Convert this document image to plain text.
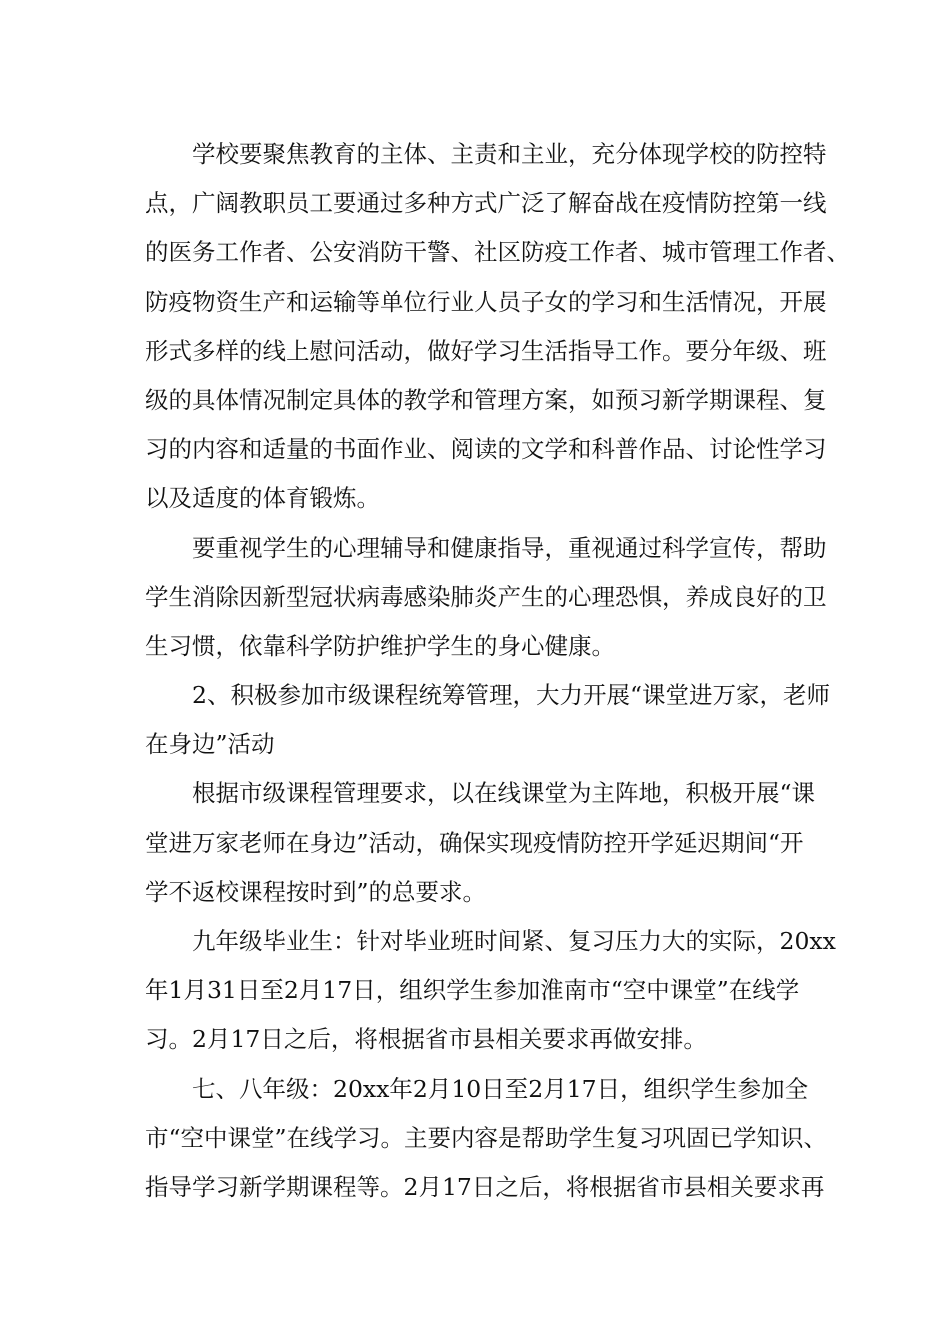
学校要聚焦教育的主体、主责和主业，充分体现学校的防控特
点，广阔教职员工要通过多种方式广泛了解奋战在疫情防控第一线
的医务工作者、公安消防干警、社区防疫工作者、城市管理工作者、
防疫物资生产和运输等单位行业人员子女的学习和生活情况，开展
形式多样的线上慰问活动，做好学习生活指导工作。要分年级、班
级的具体情况制定具体的教学和管理方案，如预习新学期课程、复
习的内容和适量的书面作业、阅读的文学和科普作品、讨论性学习
以及适度的体育锻炼。
要重视学生的心理辅导和健康指导，重视通过科学宣传，帮助
学生消除因新型冠状病毒感染肺炎产生的心理恐惧，养成良好的卫
生习惯，依靠科学防护维护学生的身心健康。
2、积极参加市级课程统筹管理，大力开展“课堂进万家，老师
在身边”活动
根据市级课程管理要求，以在线课堂为主阵地，积极开展“课
堂进万家老师在身边”活动，确保实现疫情防控开学延迟期间“开
学不返校课程按时到”的总要求。
九年级毕业生：针对毕业班时间紧、复习压力大的实际，20xx
年1月31日至2月17日，组织学生参加淮南市“空中课堂”在线学
习。2月17日之后，将根据省市县相关要求再做安排。
七、八年级：20xx年2月10日至2月17日，组织学生参加全
市“空中课堂”在线学习。主要内容是帮助学生复习巩固已学知识、
指导学习新学期课程等。2月17日之后，将根据省市县相关要求再
